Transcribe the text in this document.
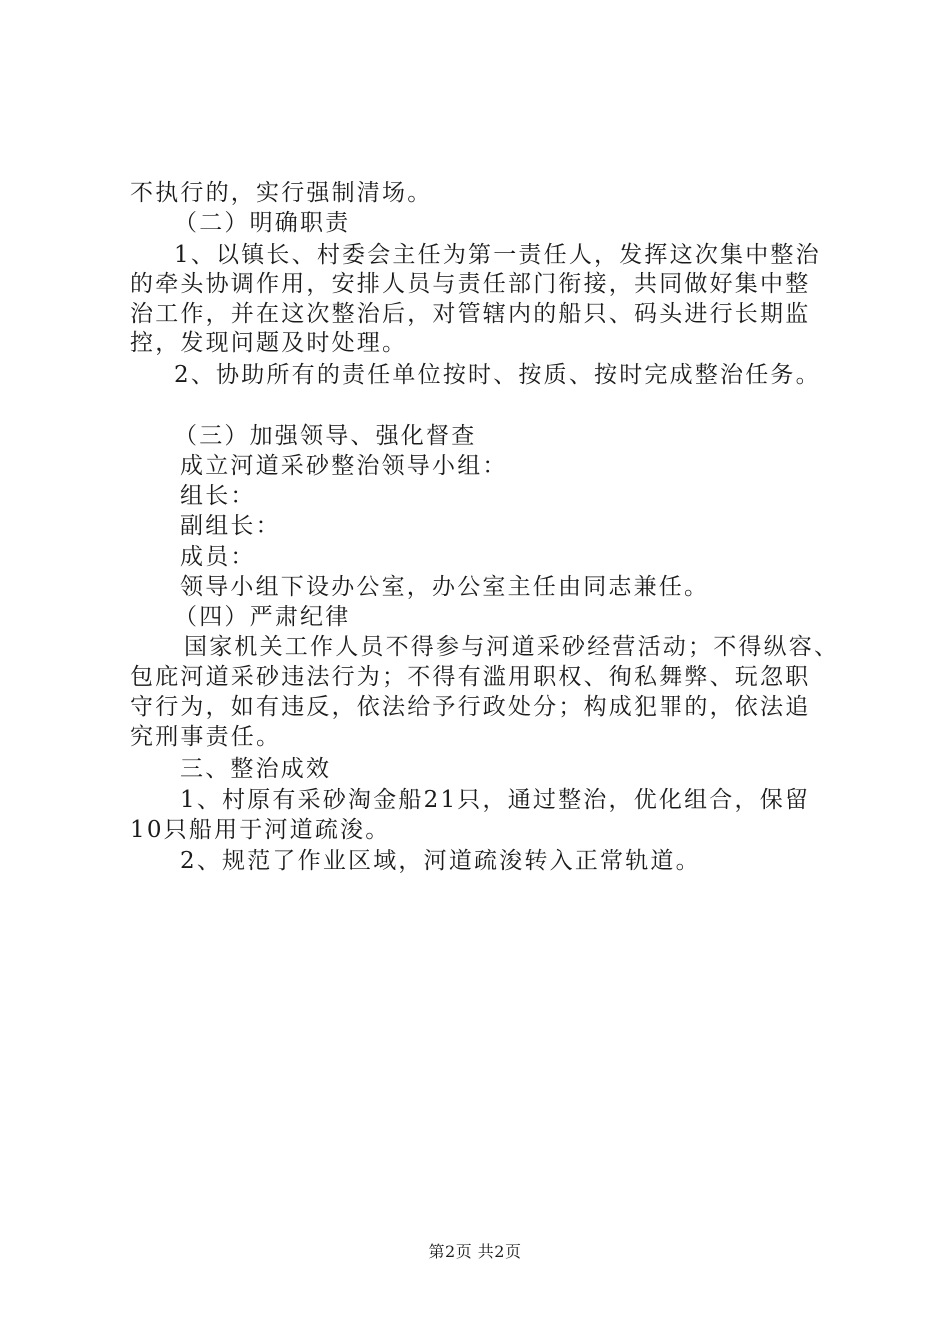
不执行的，实行强制清场。
（二）明确职责
1、以镇长、村委会主任为第一责任人，发挥这次集中整治
的牵头协调作用，安排人员与责任部门衔接，共同做好集中整
治工作，并在这次整治后，对管辖内的船只、码头进行长期监
控，发现问题及时处理。
2、协助所有的责任单位按时、按质、按时完成整治任务。
（三）加强领导、强化督查
成立河道采砂整治领导小组：
组长：
副组长：
成员：
领导小组下设办公室，办公室主任由同志兼任。
（四）严肃纪律
国家机关工作人员不得参与河道采砂经营活动；不得纵容、
包庇河道采砂违法行为；不得有滥用职权、徇私舞弊、玩忽职
守行为，如有违反，依法给予行政处分；构成犯罪的，依法追
究刑事责任。
三、整治成效
1、村原有采砂淘金船21只，通过整治，优化组合，保留
10只船用于河道疏浚。
2、规范了作业区域，河道疏浚转入正常轨道。
第2页 共2页
